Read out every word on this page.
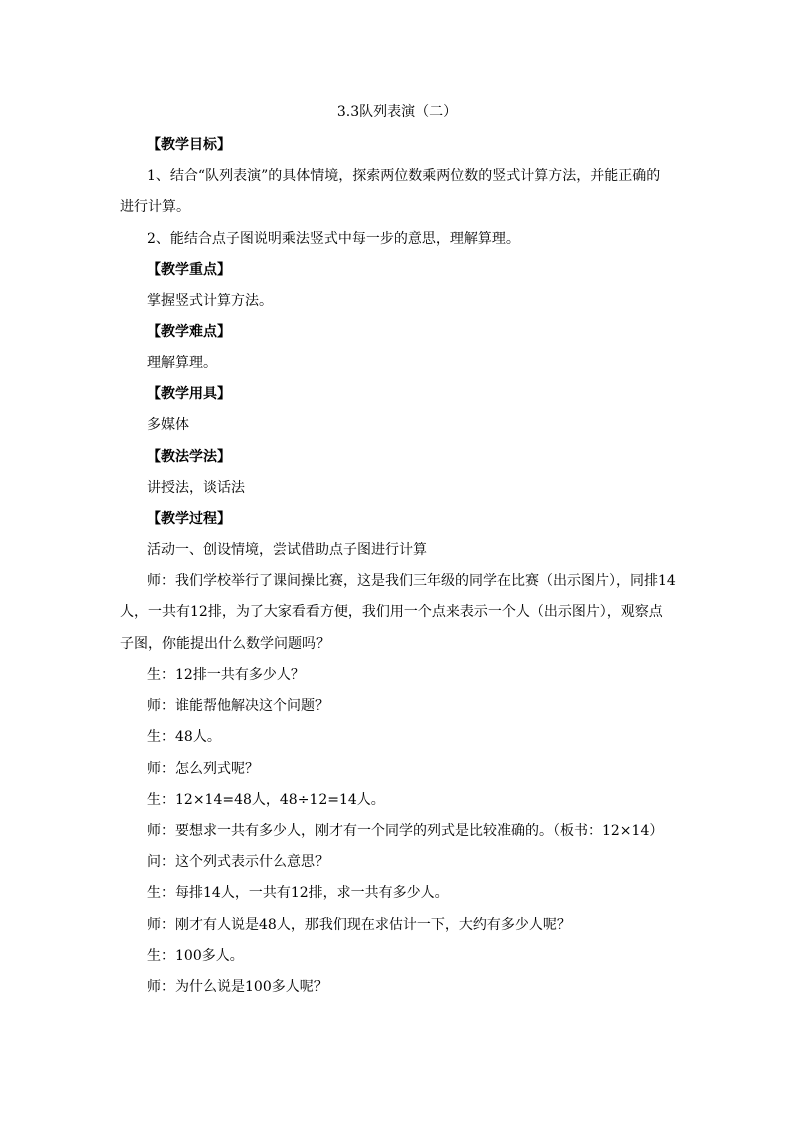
3.3队列表演（二）
【教学目标】
1、结合“队列表演”的具体情境，探索两位数乘两位数的竖式计算方法，并能正确的
进行计算。
2、能结合点子图说明乘法竖式中每一步的意思，理解算理。
【教学重点】
掌握竖式计算方法。
【教学难点】
理解算理。
【教学用具】
多媒体
【教法学法】
讲授法，谈话法
【教学过程】
活动一、创设情境，尝试借助点子图进行计算
师：我们学校举行了课间操比赛，这是我们三年级的同学在比赛（出示图片），同排14
人，一共有12排，为了大家看看方便，我们用一个点来表示一个人（出示图片），观察点
子图，你能提出什么数学问题吗？
生：12排一共有多少人？
师：谁能帮他解决这个问题？
生：48人。
师：怎么列式呢？
生：12×14=48人，48÷12=14人。
师：要想求一共有多少人，刚才有一个同学的列式是比较准确的。（板书：12×14）
问：这个列式表示什么意思？
生：每排14人，一共有12排，求一共有多少人。
师：刚才有人说是48人，那我们现在求估计一下，大约有多少人呢？
生：100多人。
师：为什么说是100多人呢？
